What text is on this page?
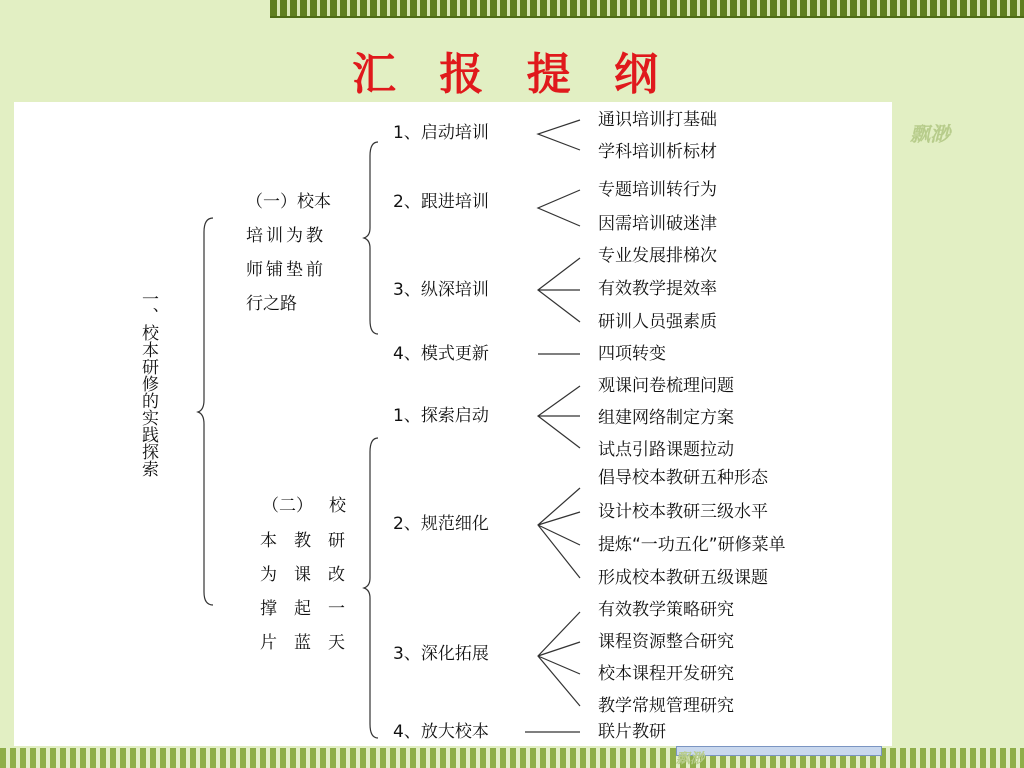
汇 报 提 纲
飘渺
一、校本研修的实践探索
（一）校本
培训为教
师铺垫前
行之路
（二） 校
本 教 研
为 课 改
撑 起 一
片 蓝 天
1、启动培训
2、跟进培训
3、纵深培训
4、模式更新
1、探索启动
2、规范细化
3、深化拓展
4、放大校本
通识培训打基础
学科培训析标材
专题培训转行为
因需培训破迷津
专业发展排梯次
有效教学提效率
研训人员强素质
四项转变
观课问卷梳理问题
组建网络制定方案
试点引路课题拉动
倡导校本教研五种形态
设计校本教研三级水平
提炼“一功五化”研修菜单
形成校本教研五级课题
有效教学策略研究
课程资源整合研究
校本课程开发研究
教学常规管理研究
联片教研
飘渺
